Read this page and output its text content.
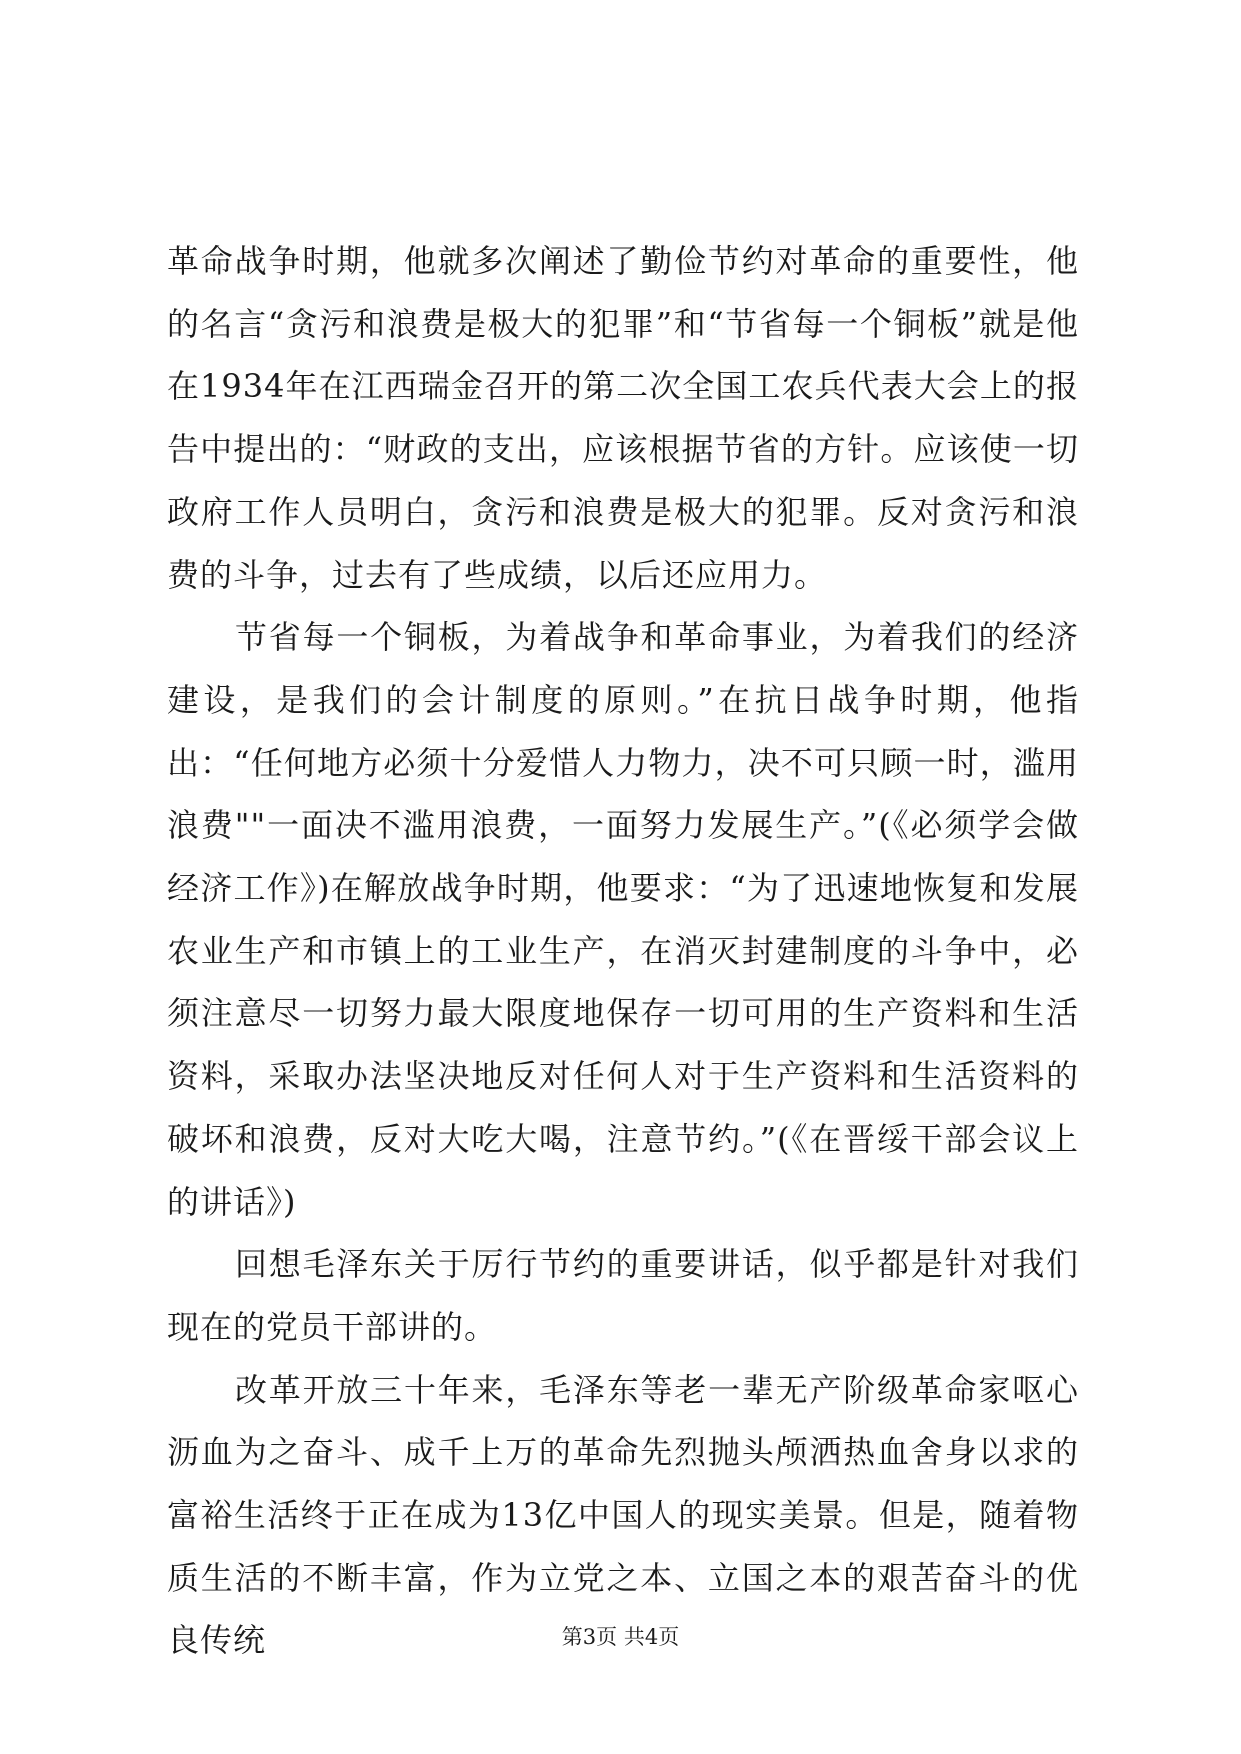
革命战争时期，他就多次阐述了勤俭节约对革命的重要性，他的名言“贪污和浪费是极大的犯罪”和“节省每一个铜板”就是他在1934年在江西瑞金召开的第二次全国工农兵代表大会上的报告中提出的：“财政的支出，应该根据节省的方针。应该使一切政府工作人员明白，贪污和浪费是极大的犯罪。反对贪污和浪费的斗争，过去有了些成绩，以后还应用力。

节省每一个铜板，为着战争和革命事业，为着我们的经济建设，是我们的会计制度的原则。”在抗日战争时期，他指出：“任何地方必须十分爱惜人力物力，决不可只顾一时，滥用浪费""一面决不滥用浪费，一面努力发展生产。”(《必须学会做经济工作》)在解放战争时期，他要求：“为了迅速地恢复和发展农业生产和市镇上的工业生产，在消灭封建制度的斗争中，必须注意尽一切努力最大限度地保存一切可用的生产资料和生活资料，采取办法坚决地反对任何人对于生产资料和生活资料的破坏和浪费，反对大吃大喝，注意节约。”(《在晋绥干部会议上的讲话》)

回想毛泽东关于厉行节约的重要讲话，似乎都是针对我们现在的党员干部讲的。

改革开放三十年来，毛泽东等老一辈无产阶级革命家呕心沥血为之奋斗、成千上万的革命先烈抛头颅洒热血舍身以求的富裕生活终于正在成为13亿中国人的现实美景。但是，随着物质生活的不断丰富，作为立党之本、立国之本的艰苦奋斗的优良传统	第3页 共4页
